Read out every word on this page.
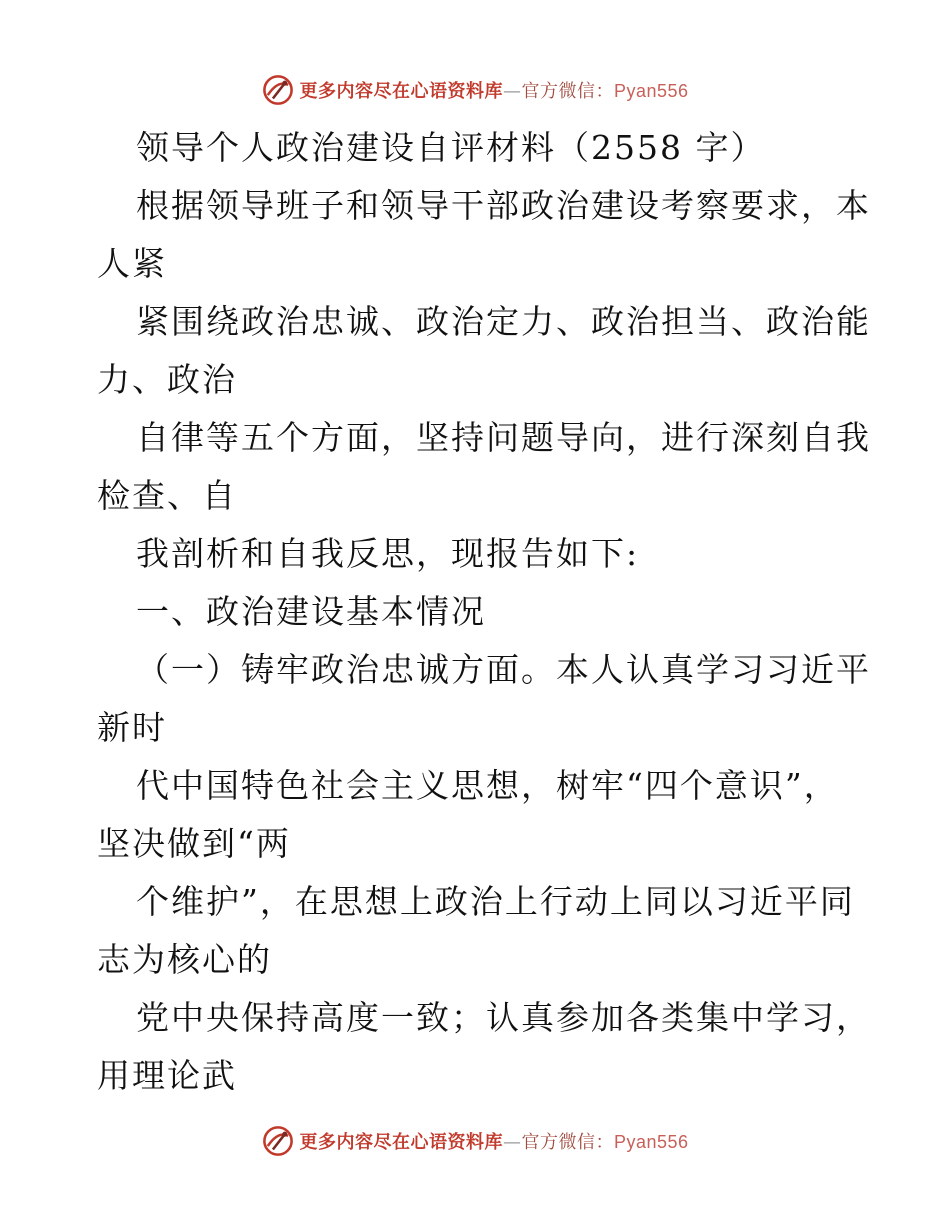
更多内容尽在心语资料库—官方微信：Pyan556
领导个人政治建设自评材料（2558 字）
根据领导班子和领导干部政治建设考察要求，本
人紧
紧围绕政治忠诚、政治定力、政治担当、政治能
力、政治
自律等五个方面，坚持问题导向，进行深刻自我
检查、自
我剖析和自我反思，现报告如下:
一、政治建设基本情况
（一）铸牢政治忠诚方面。本人认真学习习近平
新时
代中国特色社会主义思想，树牢“四个意识”，
坚决做到“两
个维护”，在思想上政治上行动上同以习近平同
志为核心的
党中央保持高度一致；认真参加各类集中学习，
用理论武
更多内容尽在心语资料库—官方微信：Pyan556
